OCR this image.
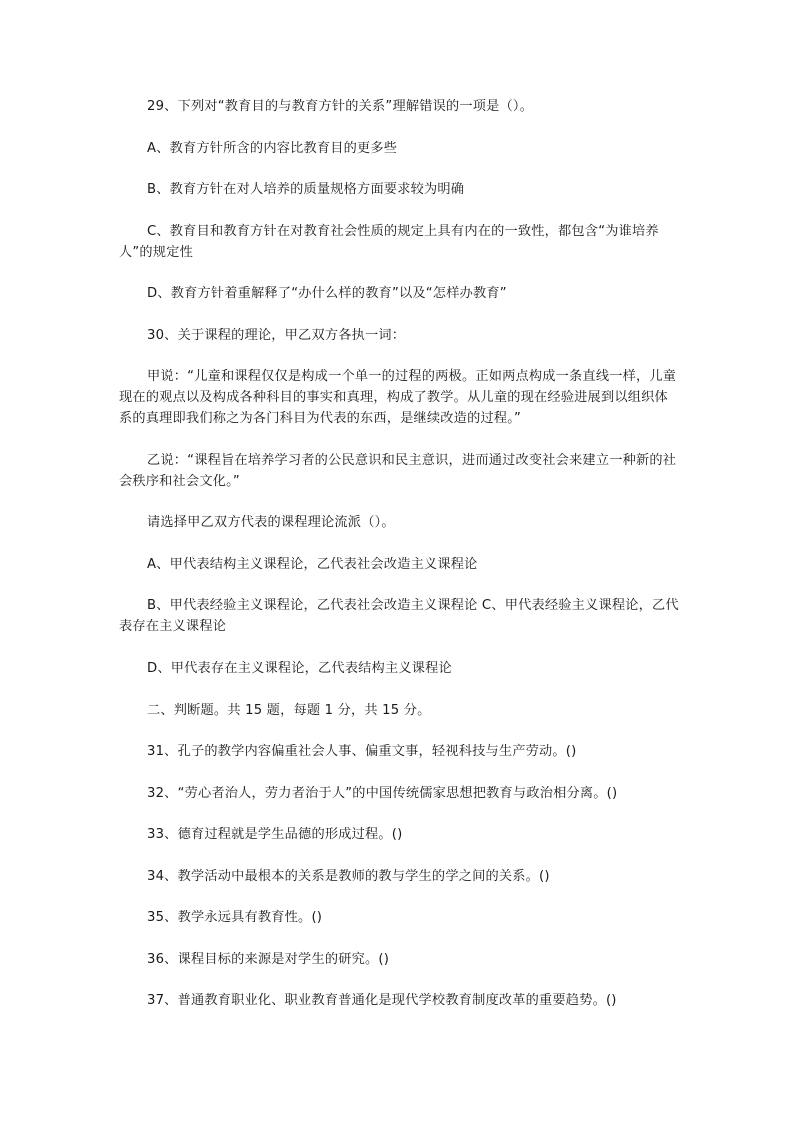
29、下列对“教育目的与教育方针的关系”理解错误的一项是（）。

A、教育方针所含的内容比教育目的更多些

B、教育方针在对人培养的质量规格方面要求较为明确

C、教育目和教育方针在对教育社会性质的规定上具有内在的一致性，都包含“为谁培养人”的规定性

D、教育方针着重解释了“办什么样的教育”以及“怎样办教育”

30、关于课程的理论，甲乙双方各执一词：

甲说：“儿童和课程仅仅是构成一个单一的过程的两极。正如两点构成一条直线一样，儿童现在的观点以及构成各种科目的事实和真理，构成了教学。从儿童的现在经验进展到以组织体系的真理即我们称之为各门科目为代表的东西，是继续改造的过程。”

乙说：“课程旨在培养学习者的公民意识和民主意识，进而通过改变社会来建立一种新的社会秩序和社会文化。”

请选择甲乙双方代表的课程理论流派（）。

A、甲代表结构主义课程论，乙代表社会改造主义课程论

B、甲代表经验主义课程论，乙代表社会改造主义课程论 C、甲代表经验主义课程论，乙代表存在主义课程论

D、甲代表存在主义课程论，乙代表结构主义课程论

二、判断题。共 15 题，每题 1 分，共 15 分。

31、孔子的教学内容偏重社会人事、偏重文事，轻视科技与生产劳动。()

32、“劳心者治人，劳力者治于人”的中国传统儒家思想把教育与政治相分离。()

33、德育过程就是学生品德的形成过程。()

34、教学活动中最根本的关系是教师的教与学生的学之间的关系。()

35、教学永远具有教育性。()

36、课程目标的来源是对学生的研究。()

37、普通教育职业化、职业教育普通化是现代学校教育制度改革的重要趋势。()
